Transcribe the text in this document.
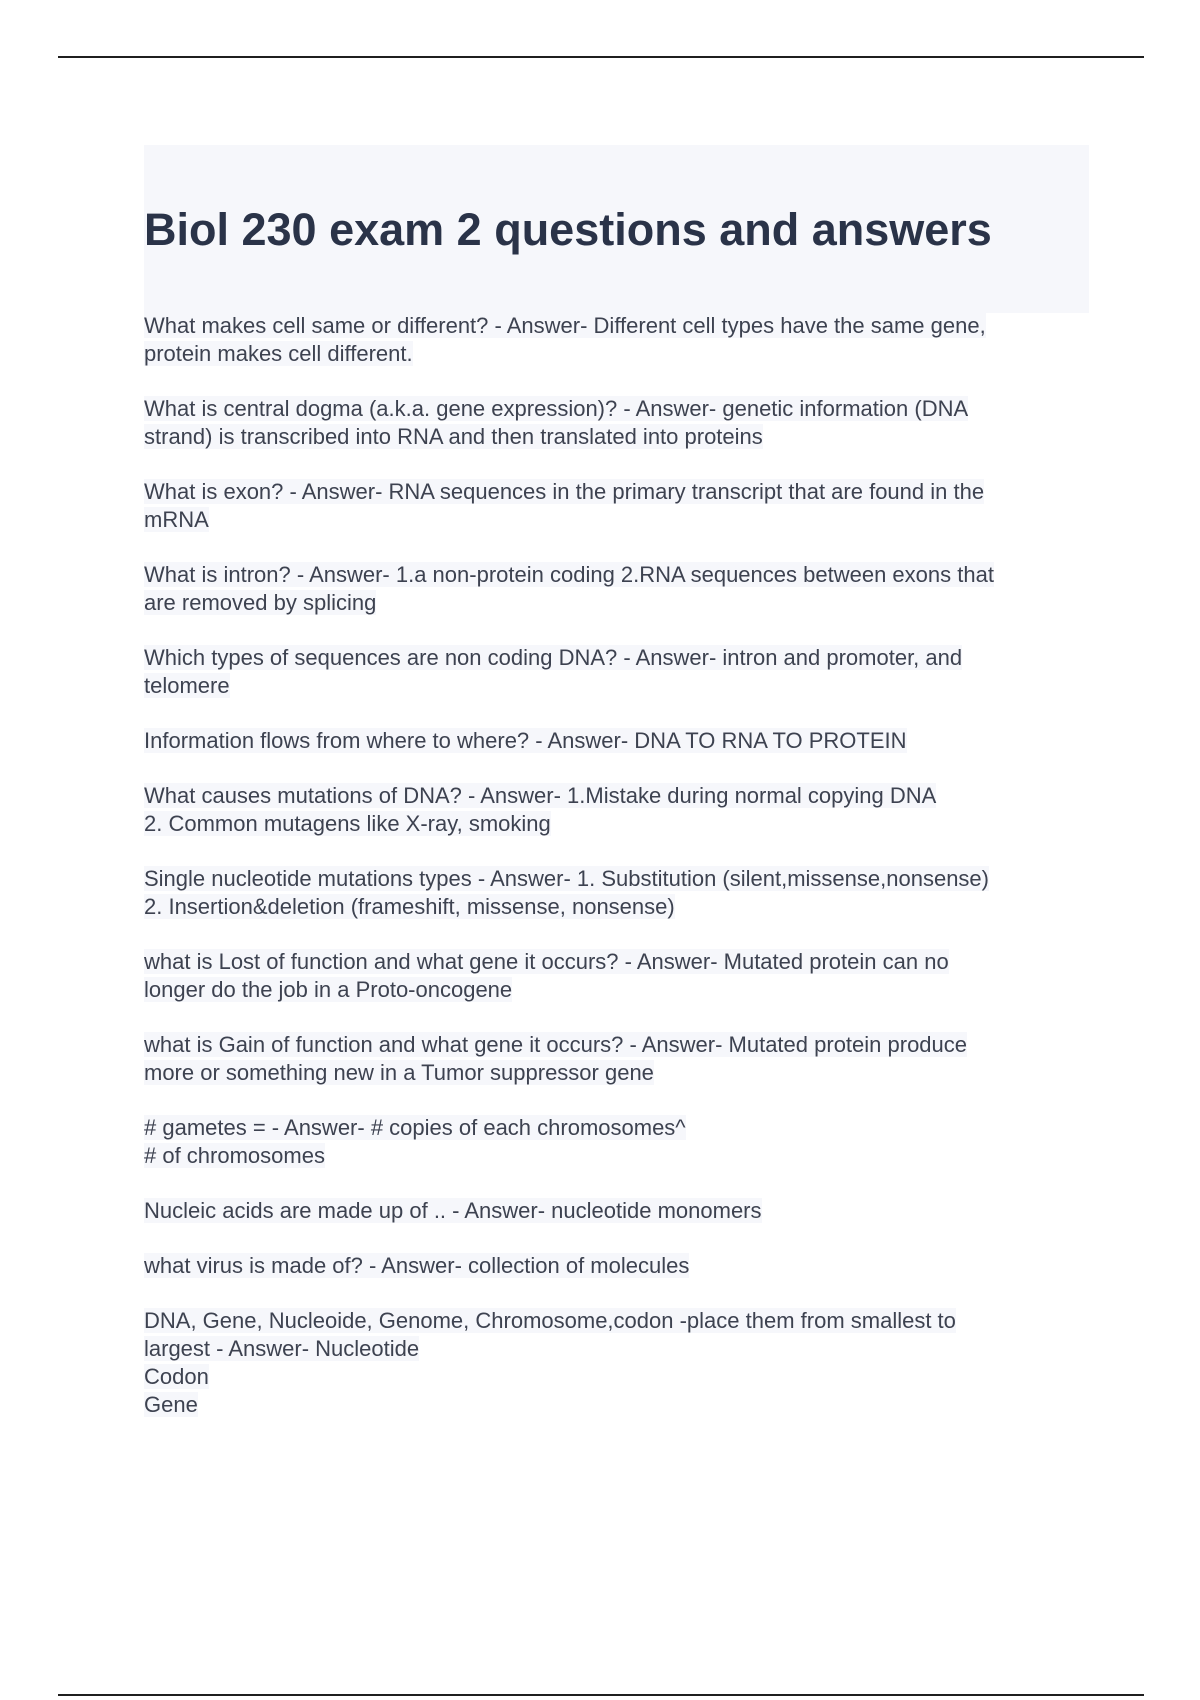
Biol 230 exam 2 questions and answers
What makes cell same or different? - Answer- Different cell types have the same gene,
protein makes cell different.
What is central dogma (a.k.a. gene expression)? - Answer- genetic information (DNA
strand) is transcribed into RNA and then translated into proteins
What is exon? - Answer- RNA sequences in the primary transcript that are found in the
mRNA
What is intron? - Answer- 1.a non-protein coding 2.RNA sequences between exons that
are removed by splicing
Which types of sequences are non coding DNA? - Answer- intron and promoter, and
telomere
Information flows from where to where? - Answer- DNA TO RNA TO PROTEIN
What causes mutations of DNA? - Answer- 1.Mistake during normal copying DNA
2. Common mutagens like X-ray, smoking
Single nucleotide mutations types - Answer- 1. Substitution (silent,missense,nonsense)
2. Insertion&deletion (frameshift, missense, nonsense)
what is Lost of function and what gene it occurs? - Answer- Mutated protein can no
longer do the job in a Proto-oncogene
what is Gain of function and what gene it occurs? - Answer- Mutated protein produce
more or something new in a Tumor suppressor gene
# gametes = - Answer- # copies of each chromosomes^
# of chromosomes
Nucleic acids are made up of .. - Answer- nucleotide monomers
what virus is made of? - Answer- collection of molecules
DNA, Gene, Nucleoide, Genome, Chromosome,codon -place them from smallest to
largest - Answer- Nucleotide
Codon
Gene
